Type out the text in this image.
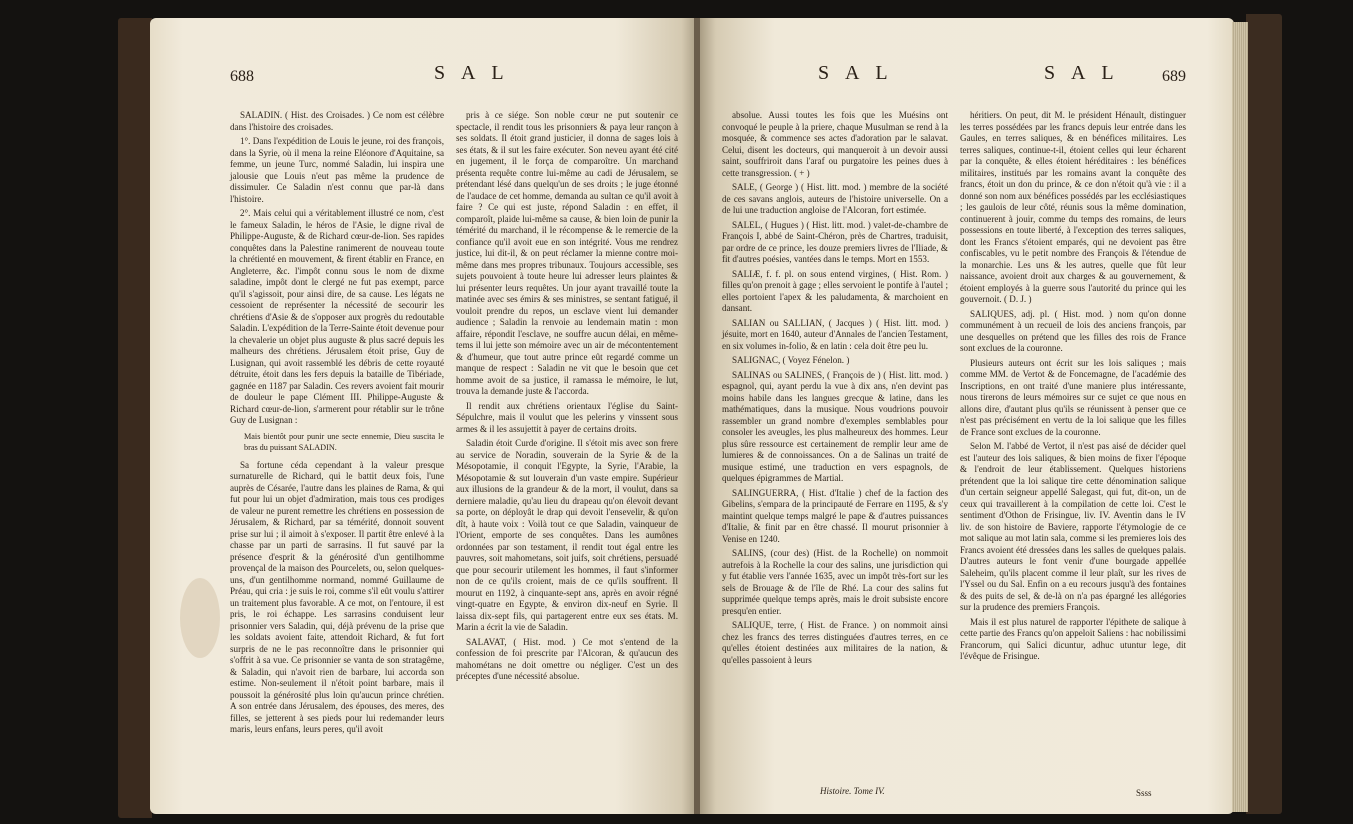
688	S A L

SALADIN. ( Hist. des Croisades. ) Ce nom est célèbre dans l'histoire des croisades.

1°. Dans l'expédition de Louis le jeune, roi des françois, dans la Syrie, où il mena la reine Eléonore d'Aquitaine, sa femme, un jeune Turc, nommé Saladin, lui inspira une jalousie que Louis n'eut pas même la prudence de dissimuler. Ce Saladin n'est connu que par-là dans l'histoire.

2°. Mais celui qui a véritablement illustré ce nom, c'est le fameux Saladin, le héros de l'Asie, le digne rival de Philippe-Auguste, & de Richard cœur-de-lion. Ses rapides conquêtes dans la Palestine ranimerent de nouveau toute la chrétienté en mouvement, & firent établir en France, en Angleterre, &c. l'impôt connu sous le nom de dixme saladine, impôt dont le clergé ne fut pas exempt, parce qu'il s'agissoit, pour ainsi dire, de sa cause. Les légats ne cessoient de représenter la nécessité de secourir les chrétiens d'Asie & de s'opposer aux progrès du redoutable Saladin. L'expédition de la Terre-Sainte étoit devenue pour la chevalerie un objet plus auguste & plus sacré depuis les malheurs des chrétiens. Jérusalem étoit prise, Guy de Lusignan, qui avoit rassemblé les débris de cette royauté détruite, étoit dans les fers depuis la bataille de Tibériade, gagnée en 1187 par Saladin. Ces revers avoient fait mourir de douleur le pape Clément III. Philippe-Auguste & Richard cœur-de-lion, s'armerent pour rétablir sur le trône Guy de Lusignan :

Mais bientôt pour punir une secte ennemie, Dieu suscita le bras du puissant SALADIN.

Sa fortune céda cependant à la valeur presque surnaturelle de Richard, qui le battit deux fois, l'une auprès de Césarée, l'autre dans les plaines de Rama, & qui fut pour lui un objet d'admiration, mais tous ces prodiges de valeur ne purent remettre les chrétiens en possession de Jérusalem, & Richard, par sa témérité, donnoit souvent prise sur lui ; il aimoit à s'exposer. Il partit être enlevé à la chasse par un parti de sarrasins. Il fut sauvé par la présence d'esprit & la générosité d'un gentilhomme provençal de la maison des Pourcelets, ou, selon quelques-uns, d'un gentilhomme normand, nommé Guillaume de Préau, qui cria : je suis le roi, comme s'il eût voulu s'attirer un traitement plus favorable. A ce mot, on l'entoure, il est pris, le roi échappe. Les sarrasins conduisent leur prisonnier vers Saladin, qui, déjà prévenu de la prise que les soldats avoient faite, attendoit Richard, & fut fort surpris de ne le pas reconnoître dans le prisonnier qui s'offrit à sa vue. Ce prisonnier se vanta de son stratagême, & Saladin, qui n'avoit rien de barbare, lui accorda son estime. Non-seulement il n'étoit point barbare, mais il poussoit la générosité plus loin qu'aucun prince chrétien. A son entrée dans Jérusalem, des épouses, des meres, des filles, se jetterent à ses pieds pour lui redemander leurs maris, leurs enfans, leurs peres, qu'il avoit

pris à ce siége. Son noble cœur ne put soutenir ce spectacle, il rendit tous les prisonniers & paya leur rançon à ses soldats. Il étoit grand justicier, il donna de sages lois à ses états, & il sut les faire exécuter. Son neveu ayant été cité en jugement, il le força de comparoître. Un marchand présenta requête contre lui-même au cadi de Jérusalem, se prétendant lésé dans quelqu'un de ses droits ; le juge étonné de l'audace de cet homme, demanda au sultan ce qu'il avoit à faire ? Ce qui est juste, répond Saladin : en effet, il comparoît, plaide lui-même sa cause, & bien loin de punir la témérité du marchand, il le récompense & le remercie de la confiance qu'il avoit eue en son intégrité. Vous me rendrez justice, lui dit-il, & on peut réclamer la mienne contre moi-même dans mes propres tribunaux. Toujours accessible, ses sujets pouvoient à toute heure lui adresser leurs plaintes & lui présenter leurs requêtes. Un jour ayant travaillé toute la matinée avec ses émirs & ses ministres, se sentant fatigué, il vouloit prendre du repos, un esclave vient lui demander audience ; Saladin la renvoie au lendemain matin : mon affaire, répondit l'esclave, ne souffre aucun délai, en même-tems il lui jette son mémoire avec un air de mécontentement & d'humeur, que tout autre prince eût regardé comme un manque de respect : Saladin ne vit que le besoin que cet homme avoit de sa justice, il ramassa le mémoire, le lut, trouva la demande juste & l'accorda.

Il rendit aux chrétiens orientaux l'église du Saint-Sépulchre, mais il voulut que les pelerins y vinssent sous armes & il les assujettit à payer de certains droits.

Saladin étoit Curde d'origine. Il s'étoit mis avec son frere au service de Noradin, souverain de la Syrie & de la Mésopotamie, il conquit l'Egypte, la Syrie, l'Arabie, la Mésopotamie & sut louverain d'un vaste empire. Supérieur aux illusions de la grandeur & de la mort, il voulut, dans sa derniere maladie, qu'au lieu du drapeau qu'on élevoit devant sa porte, on déployât le drap qui devoit l'ensevelir, & qu'on dît, à haute voix : Voilà tout ce que Saladin, vainqueur de l'Orient, emporte de ses conquêtes. Dans les aumônes ordonnées par son testament, il rendit tout égal entre les pauvres, soit mahometans, soit juifs, soit chrétiens, persuadé que pour secourir utilement les hommes, il faut s'informer non de ce qu'ils croient, mais de ce qu'ils souffrent. Il mourut en 1192, à cinquante-sept ans, après en avoir régné vingt-quatre en Egypte, & environ dix-neuf en Syrie. Il laissa dix-sept fils, qui partagerent entre eux ses états. M. Marin a écrit la vie de Saladin.

SALAVAT, ( Hist. mod. ) Ce mot s'entend de la confession de foi prescrite par l'Alcoran, & qu'aucun des mahométans ne doit omettre ou négliger. C'est un des préceptes d'une nécessité absolue.

S A L	S A L	689

absolue. Aussi toutes les fois que les Muésins ont convoqué le peuple à la priere, chaque Musulman se rend à la mosquée, & commence ses actes d'adoration par le salavat. Celui, disent les docteurs, qui manqueroit à un devoir aussi saint, souffriroit dans l'araf ou purgatoire les peines dues à cette transgression. ( + )

SALE, ( George ) ( Hist. litt. mod. ) membre de la société de ces savans anglois, auteurs de l'histoire universelle. On a de lui une traduction angloise de l'Alcoran, fort estimée.

SALEL, ( Hugues ) ( Hist. litt. mod. ) valet-de-chambre de François I, abbé de Saint-Chéron, près de Chartres, traduisit, par ordre de ce prince, les douze premiers livres de l'Iliade, & fit d'autres poésies, vantées dans le temps. Mort en 1553.

SALIÆ, f. f. pl. on sous entend virgines, ( Hist. Rom. ) filles qu'on prenoit à gage ; elles servoient le pontife à l'autel ; elles portoient l'apex & les paludamenta, & marchoient en dansant.

SALIAN ou SALLIAN, ( Jacques ) ( Hist. litt. mod. ) jésuite, mort en 1640, auteur d'Annales de l'ancien Testament, en six volumes in-folio, & en latin : cela doit être peu lu.

SALIGNAC, ( Voyez Fénelon. )

SALINAS ou SALINES, ( François de ) ( Hist. litt. mod. ) espagnol, qui, ayant perdu la vue à dix ans, n'en devint pas moins habile dans les langues grecque & latine, dans les mathématiques, dans la musique. Nous voudrions pouvoir rassembler un grand nombre d'exemples semblables pour consoler les aveugles, les plus malheureux des hommes. Leur plus sûre ressource est certainement de remplir leur ame de lumieres & de connoissances. On a de Salinas un traité de musique estimé, une traduction en vers espagnols, de quelques épigrammes de Martial.

SALINGUERRA, ( Hist. d'Italie ) chef de la faction des Gibelins, s'empara de la principauté de Ferrare en 1195, & s'y maintint quelque temps malgré le pape & d'autres puissances d'Italie, & finit par en être chassé. Il mourut prisonnier à Venise en 1240.

SALINS, (cour des) (Hist. de la Rochelle) on nommoit autrefois à la Rochelle la cour des salins, une jurisdiction qui y fut établie vers l'année 1635, avec un impôt très-fort sur les sels de Brouage & de l'île de Rhé. La cour des salins fut supprimée quelque temps après, mais le droit subsiste encore presqu'en entier.

SALIQUE, terre, ( Hist. de France. ) on nommoit ainsi chez les francs des terres distinguées d'autres terres, en ce qu'elles étoient destinées aux militaires de la nation, & qu'elles passoient à leurs

héritiers. On peut, dit M. le président Hénault, distinguer les terres possédées par les francs depuis leur entrée dans les Gaules, en terres saliques, & en bénéfices militaires. Les terres saliques, continue-t-il, étoient celles qui leur écharent par la conquête, & elles étoient héréditaires : les bénéfices militaires, institués par les romains avant la conquête des francs, étoit un don du prince, & ce don n'étoit qu'à vie : il a donné son nom aux bénéfices possédés par les ecclésiastiques ; les gaulois de leur côté, réunis sous la même domination, continuerent à jouir, comme du temps des romains, de leurs possessions en toute liberté, à l'exception des terres saliques, dont les Francs s'étoient emparés, qui ne devoient pas être confiscables, vu le petit nombre des François & l'étendue de la monarchie. Les uns & les autres, quelle que fût leur naissance, avoient droit aux charges & au gouvernement, & étoient employés à la guerre sous l'autorité du prince qui les gouvernoit. ( D. J. )

SALIQUES, adj. pl. ( Hist. mod. ) nom qu'on donne communément à un recueil de lois des anciens françois, par une desquelles on prétend que les filles des rois de France sont exclues de la couronne.

Plusieurs auteurs ont écrit sur les lois saliques ; mais comme MM. de Vertot & de Foncemagne, de l'académie des Inscriptions, en ont traité d'une maniere plus intéressante, nous tirerons de leurs mémoires sur ce sujet ce que nous en allons dire, d'autant plus qu'ils se réunissent à penser que ce n'est pas précisément en vertu de la loi salique que les filles de France sont exclues de la couronne.

Selon M. l'abbé de Vertot, il n'est pas aisé de décider quel est l'auteur des lois saliques, & bien moins de fixer l'époque & l'endroit de leur établissement. Quelques historiens prétendent que la loi salique tire cette dénomination salique d'un certain seigneur appellé Salegast, qui fut, dit-on, un de ceux qui travaillerent à la compilation de cette loi. C'est le sentiment d'Othon de Frisingue, liv. IV. Aventin dans le IV liv. de son histoire de Baviere, rapporte l'étymologie de ce mot salique au mot latin sala, comme si les premieres lois des Francs avoient été dressées dans les salles de quelques palais. D'autres auteurs le font venir d'une bourgade appellée Saleheim, qu'ils placent comme il leur plaît, sur les rives de l'Yssel ou du Sal. Enfin on a eu recours jusqu'à des fontaines & des puits de sel, & de-là on n'a pas épargné les allégories sur la prudence des premiers François.

Mais il est plus naturel de rapporter l'épithete de salique à cette partie des Francs qu'on appeloit Saliens : hac nobilissimi Francorum, qui Salici dicuntur, adhuc utuntur lege, dit l'évêque de Frisingue.

Histoire. Tome IV.	Ssss
